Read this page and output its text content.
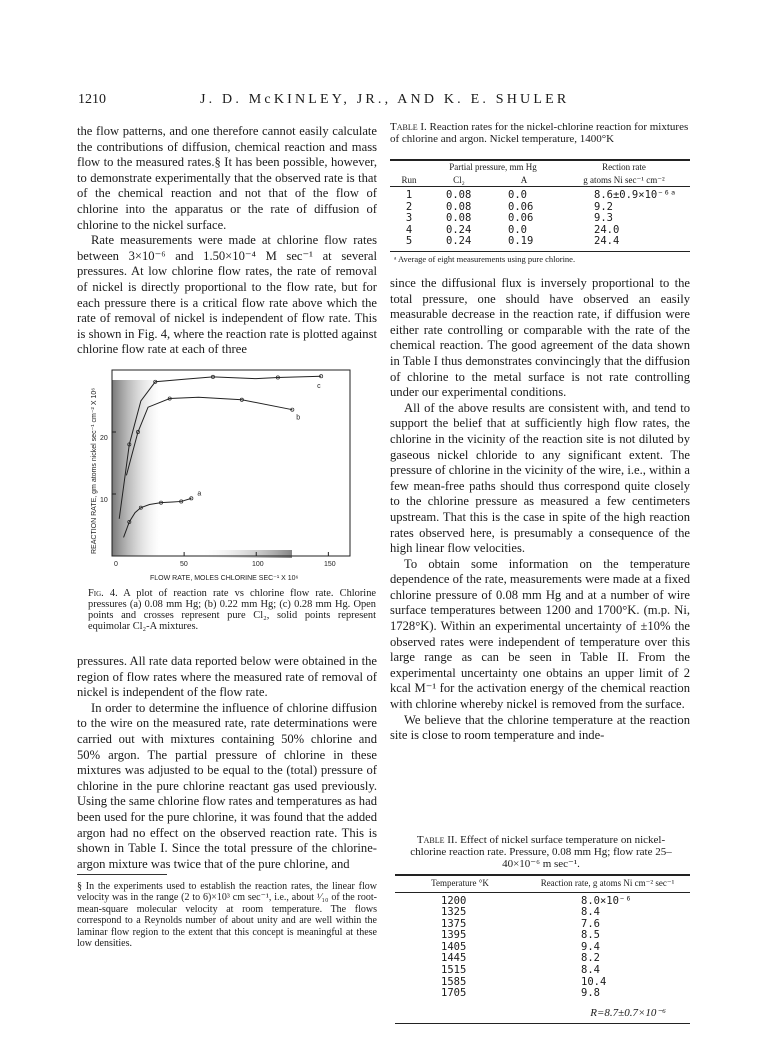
1210	J. D. McKINLEY, JR., AND K. E. SHULER

the flow patterns, and one therefore cannot easily calculate the contributions of diffusion, chemical reaction and mass flow to the measured rates.§ It has been possible, however, to demonstrate experimentally that the observed rate is that of the chemical reaction and not that of the flow of chlorine into the apparatus or the rate of diffusion of chlorine to the nickel surface.

Rate measurements were made at chlorine flow rates between 3×10⁻⁶ and 1.50×10⁻⁴ M sec⁻¹ at several pressures. At low chlorine flow rates, the rate of removal of nickel is directly proportional to the flow rate, but for each pressure there is a critical flow rate above which the rate of removal of nickel is independent of flow rate. This is shown in Fig. 4, where the reaction rate is plotted against chlorine flow rate at each of three

REACTION RATE, gm atoms nickel sec⁻¹ cm⁻² X 10⁶ 20
10
0	50	100	150
FLOW RATE, MOLES CHLORINE SEC⁻¹ X 10⁶
a
b
c
Fig. 4. A plot of reaction rate vs chlorine flow rate. Chlorine pressures (a) 0.08 mm Hg; (b) 0.22 mm Hg; (c) 0.28 mm Hg. Open points and crosses represent pure Cl₂, solid points represent equimolar Cl₂-A mixtures.

pressures. All rate data reported below were obtained in the region of flow rates where the measured rate of removal of nickel is independent of the flow rate.

In order to determine the influence of chlorine diffusion to the wire on the measured rate, rate determinations were carried out with mixtures containing 50% chlorine and 50% argon. The partial pressure of chlorine in these mixtures was adjusted to be equal to the (total) pressure of chlorine in the pure chlorine reactant gas used previously. Using the same chlorine flow rates and temperatures as had been used for the pure chlorine, it was found that the added argon had no effect on the observed reaction rate. This is shown in Table I. Since the total pressure of the chlorine-argon mixture was twice that of the pure chlorine, and

§ In the experiments used to establish the reaction rates, the linear flow velocity was in the range (2 to 6)×10³ cm sec⁻¹, i.e., about ¹⁄₁₀ of the root-mean-square molecular velocity at room temperature. The flows correspond to a Reynolds number of about unity and are well within the laminar flow region to the extent that this concept is meaningful at these low densities.
Table I. Reaction rates for the nickel-chlorine reaction for mixtures of chlorine and argon. Nickel temperature, 1400°K
	Partial pressure, mm Hg		Rection rate
Run	Cl₂	A	g atoms Ni sec⁻¹ cm⁻²
1	0.08	0.0	8.6±0.9×10⁻⁶ᵃ
2	0.08	0.06	9.2
3	0.08	0.06	9.3
4	0.24	0.0	24.0
5	0.24	0.19	24.4
ᵃ Average of eight measurements using pure chlorine.

since the diffusional flux is inversely proportional to the total pressure, one should have observed an easily measurable decrease in the reaction rate, if diffusion were either rate controlling or comparable with the rate of the chemical reaction. The good agreement of the data shown in Table I thus demonstrates convincingly that the diffusion of chlorine to the metal surface is not rate controlling under our experimental conditions.

All of the above results are consistent with, and tend to support the belief that at sufficiently high flow rates, the chlorine in the vicinity of the reaction site is not diluted by gaseous nickel chloride to any significant extent. The pressure of chlorine in the vicinity of the wire, i.e., within a few mean-free paths should thus correspond quite closely to the chlorine pressure as measured a few centimeters upstream. That this is the case in spite of the high reaction rates observed here, is presumably a consequence of the high linear flow velocities.

To obtain some information on the temperature dependence of the rate, measurements were made at a fixed chlorine pressure of 0.08 mm Hg and at a number of wire surface temperatures between 1200 and 1700°K. (m.p. Ni, 1728°K). Within an experimental uncertainty of ±10% the observed rates were independent of temperature over this large range as can be seen in Table II. From the experimental uncertainty one obtains an upper limit of 2 kcal M⁻¹ for the activation energy of the chemical reaction with chlorine whereby nickel is removed from the surface.

We believe that the chlorine temperature at the reaction site is close to room temperature and inde-

Table II. Effect of nickel surface temperature on nickel-chlorine reaction rate. Pressure, 0.08 mm Hg; flow rate 25–40×10⁻⁶ m sec⁻¹.
Temperature °K	Reaction rate, g atoms Ni cm⁻² sec⁻¹
1200	8.0×10⁻⁶
1325	8.4
1375	7.6
1395	8.5
1405	9.4
1445	8.2
1515	8.4
1585	10.4
1705	9.8
R=8.7±0.7×10⁻⁶	
